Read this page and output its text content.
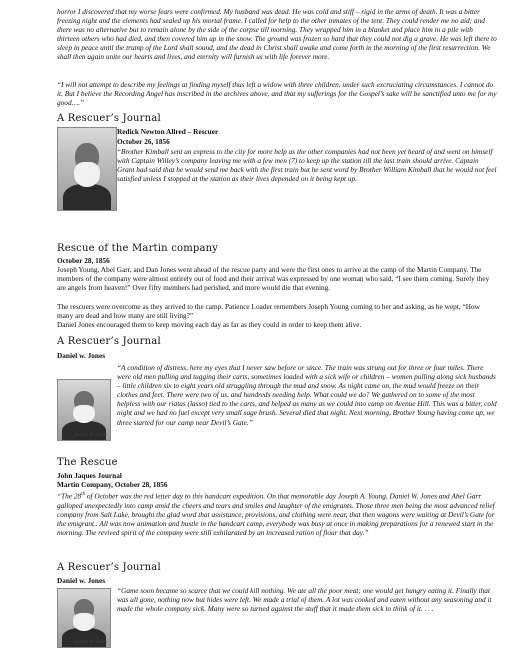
horror I discovered that my worse fears were confirmed. My husband was dead. He was cold and stiff – rigid in the arms of death. It was a bitter freezing night and the elements had sealed up his mortal frame. I called for help to the other inmates of the tent. They could render me no aid; and there was no alternative but to remain alone by the side of the corpse till morning. They wrapped him in a blanket and place him in a pile with thirteen others who had died, and then covered him up in the snow. The ground was frozen so hard that they could not dig a grave. He was left there to sleep in peace until the trump of the Lord shall sound, and the dead in Christ shall awake and come forth in the morning of the first resurrection. We shall then again unite our hearts and lives, and eternity will furnish us with life forever more.
“I will not attempt to describe my feelings at finding myself thus left a widow with three children, under such excruciating circumstances. I cannot do it. But I believe the Recording Angel has inscribed in the archives above, and that my sufferings for the Gospel’s sake will be sanctified unto me for my good….”
A Rescuer’s Journal
Redick Newton Allred – Rescuer
October 26, 1856
“Brother Kimball sent an express to the city for more help as the other companies had not been yet heard of and went on himself with Captain Willey’s company leaving me with a few men (7) to keep up the station till the last train should arrive. Captain Grant had said that he would send me back with the first train but he sent word by Brother William Kimball that he would not feel satisfied unless I stopped at the station as their lives depended on it being kept up.
Rescue of the Martin company
October 28, 1856
Joseph Young, Abel Garr, and Dan Jones went ahead of the rescue party and were the first ones to arrive at the camp of the Martin Company. The members of the company were almost entirely out of food and their arrival was expressed by one woman who said, “I see them coming. Surely they are angels from heaven!” Over fifty members had perished, and more would die that evening.
The rescuers were overcome as they arrived to the camp. Patience Loader remembers Joseph Young coming to her and asking, as he wept, “How many are dead and how many are still living?”
Daniel Jones encouraged them to keep moving each day as far as they could in order to keep them alive.
A Rescuer’s Journal
Daniel w. Jones
Daniel W. Jones
“A condition of distress, here my eyes that I never saw before or since. The train was strung out for three or four miles. There were old men pulling and tugging their carts, sometimes loaded with a sick wife or children – women pulling along sick husbands – little children six to eight years old struggling through the mud and snow. As night came on, the mud would freeze on their clothes and feet. There were two of us, and hundreds needing help. What could we do? We gathered on to some of the most helpless with our riatas (lasso) tied to the carts, and helped as many as we could into camp on Avenue Hill. This was a bitter, cold night and we had no fuel except very small sage brush. Several died that night. Next morning, Brother Young having come up, we three started for our camp near Devil’s Gate.”
The Rescue
John Jaques Journal
Martin Company, October 28, 1856
“The 28th of October was the red letter day to this handcart expedition. On that memorable day Joseph A. Young, Daniel W. Jones and Abel Garr galloped unexpectedly into camp amid the cheers and tears and smiles and laughter of the emigrants. Those three men being the most advanced relief company from Salt Lake, brought the glad word that assistance, provisions, and clothing were near, that then wagons were waiting at Devil’s Gate for the emigrant.. All was now animation and bustle in the handcart camp, everybody was busy at once in making preparations for a renewed start in the morning. The revived spirit of the company were still exhilarated by an increased ration of flour that day.”
A Rescuer’s Journal
Daniel w. Jones
Daniel W. Jones
“Game soon became so scarce that we could kill nothing. We ate all the poor meat; one would get hungry eating it. Finally that was all gone, nothing now but hides were left. We made a trial of them. A lot was cooked and eaten without any seasoning and it made the whole company sick. Many were so turned against the stuff that it made them sick to think of it. . . .
